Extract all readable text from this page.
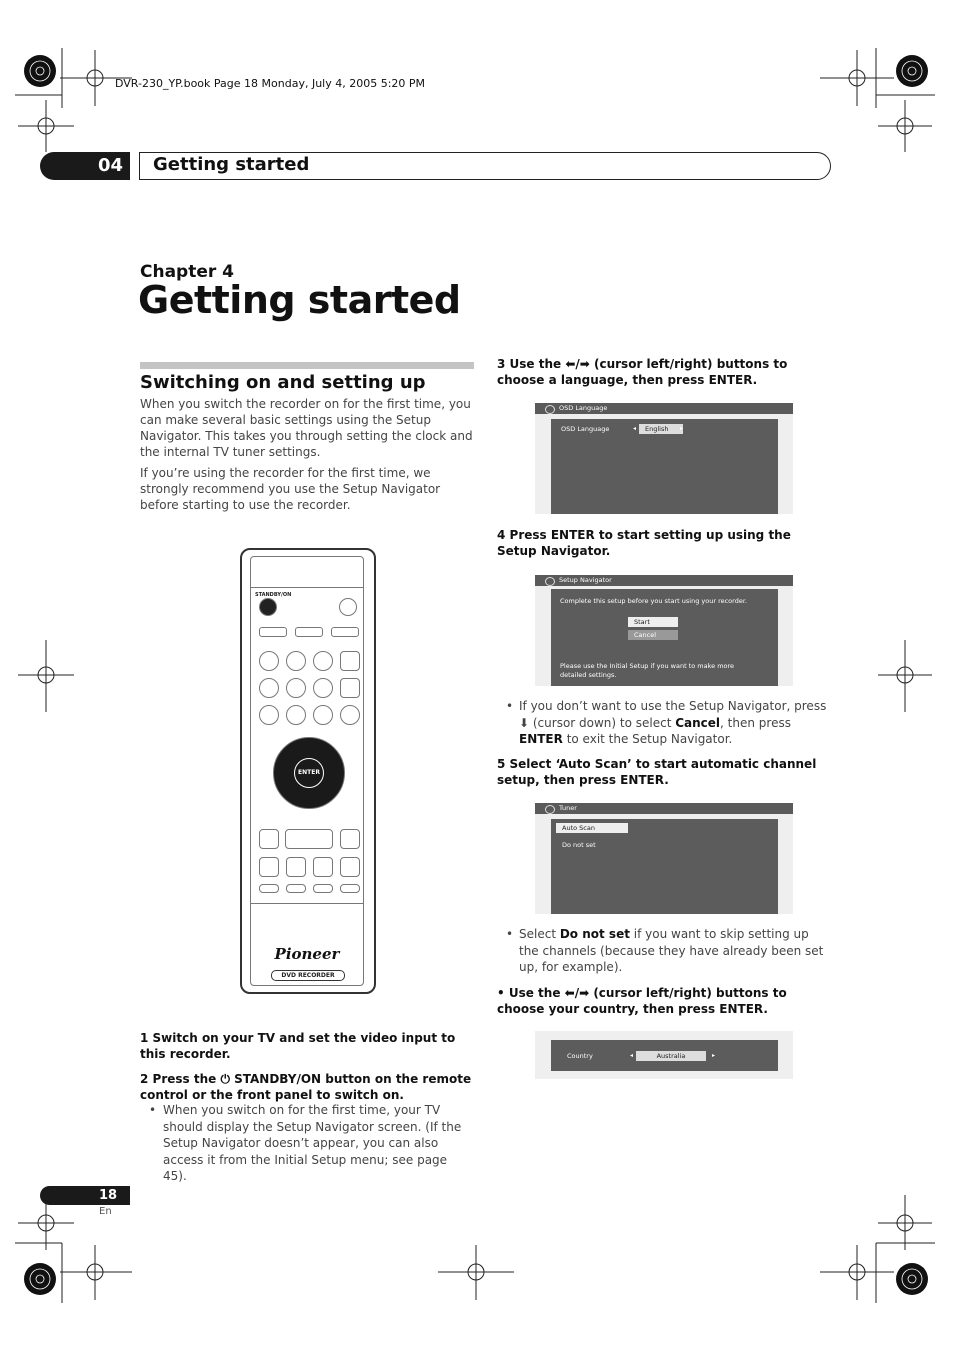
DVR-230_YP.book Page 18 Monday, July 4, 2005 5:20 PM
04 Getting started
Chapter 4
Getting started
Switching on and setting up
When you switch the recorder on for the first time, you can make several basic settings using the Setup Navigator. This takes you through setting the clock and the internal TV tuner settings.
If you’re using the recorder for the first time, we strongly recommend you use the Setup Navigator before starting to use the recorder.
STANDBY/ON
ENTER
Pioneer
DVD RECORDER
1 Switch on your TV and set the video input to this recorder.
2 Press the ⏻ STANDBY/ON button on the remote control or the front panel to switch on.
• When you switch on for the first time, your TV should display the Setup Navigator screen. (If the Setup Navigator doesn’t appear, you can also access it from the Initial Setup menu; see page 45).
3 Use the ⬅/➡ (cursor left/right) buttons to choose a language, then press ENTER.
OSD Language
OSD Language	◂	English	▸
4 Press ENTER to start setting up using the Setup Navigator.
Setup Navigator
Complete this setup before you start using your recorder.
Start
Cancel
Please use the Initial Setup if you want to make more detailed settings.
• If you don’t want to use the Setup Navigator, press ⬇ (cursor down) to select Cancel, then press ENTER to exit the Setup Navigator.
5 Select ‘Auto Scan’ to start automatic channel setup, then press ENTER.
Tuner
Auto Scan
Do not set
• Select Do not set if you want to skip setting up the channels (because they have already been set up, for example).
• Use the ⬅/➡ (cursor left/right) buttons to choose your country, then press ENTER.
Country	◂	Australia	▸
18
En
